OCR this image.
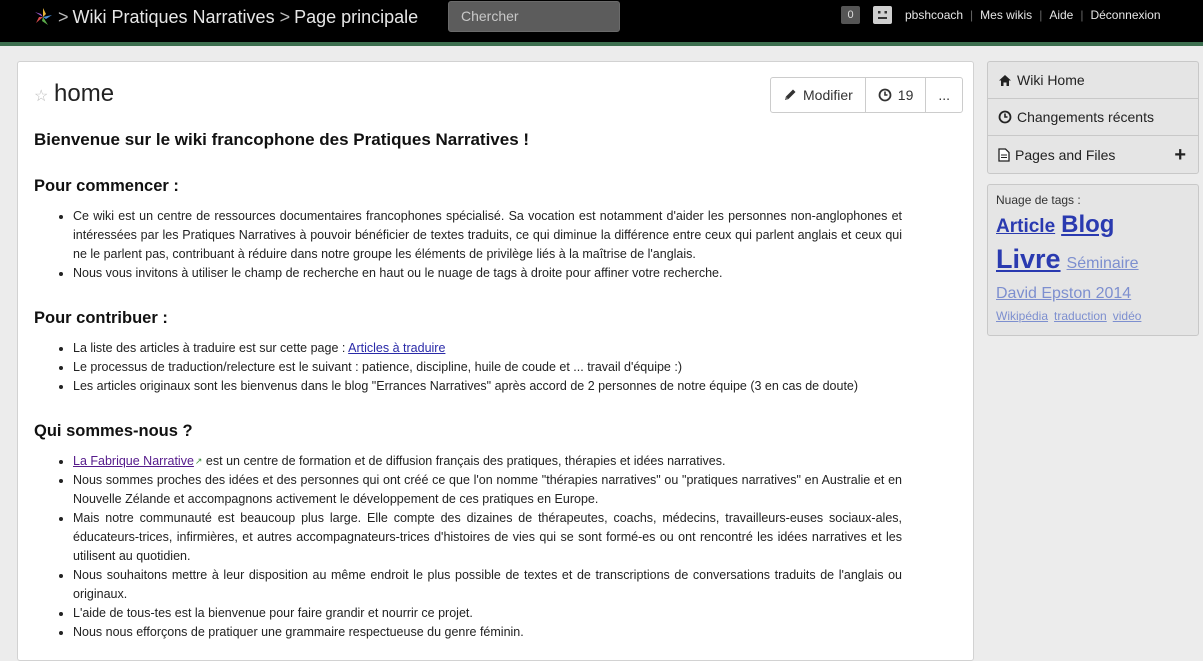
> Wiki Pratiques Narratives > Page principale	Chercher	0	pbshcoach | Mes wikis | Aide | Déconnexion
☆ home	Modifier	19 ...
Bienvenue sur le wiki francophone des Pratiques Narratives !
Pour commencer :
• Ce wiki est un centre de ressources documentaires francophones spécialisé. Sa vocation est notamment d'aider les personnes non-anglophones et intéressées par les Pratiques Narratives à pouvoir bénéficier de textes traduits, ce qui diminue la différence entre ceux qui parlent anglais et ceux qui ne le parlent pas, contribuant à réduire dans notre groupe les éléments de privilège liés à la maîtrise de l'anglais.
• Nous vous invitons à utiliser le champ de recherche en haut ou le nuage de tags à droite pour affiner votre recherche.
Pour contribuer :
• La liste des articles à traduire est sur cette page : Articles à traduire
• Le processus de traduction/relecture est le suivant : patience, discipline, huile de coude et ... travail d'équipe :)
• Les articles originaux sont les bienvenus dans le blog "Errances Narratives" après accord de 2 personnes de notre équipe (3 en cas de doute)
Qui sommes-nous ?
• La Fabrique Narrative↗ est un centre de formation et de diffusion français des pratiques, thérapies et idées narratives.
• Nous sommes proches des idées et des personnes qui ont créé ce que l'on nomme "thérapies narratives" ou "pratiques narratives" en Australie et en Nouvelle Zélande et accompagnons activement le développement de ces pratiques en Europe.
• Mais notre communauté est beaucoup plus large. Elle compte des dizaines de thérapeutes, coachs, médecins, travailleurs-euses sociaux-ales, éducateurs-trices, infirmières, et autres accompagnateurs-trices d'histoires de vies qui se sont formé-es ou ont rencontré les idées narratives et les utilisent au quotidien.
• Nous souhaitons mettre à leur disposition au même endroit le plus possible de textes et de transcriptions de conversations traduits de l'anglais ou originaux.
• L'aide de tous-tes est la bienvenue pour faire grandir et nourrir ce projet.
• Nous nous efforçons de pratiquer une grammaire respectueuse du genre féminin.
Wiki Home
Changements récents
Pages and Files	+
Nuage de tags :
Article Blog
Livre Séminaire
David Epston 2014
Wikipédia traduction vidéo
